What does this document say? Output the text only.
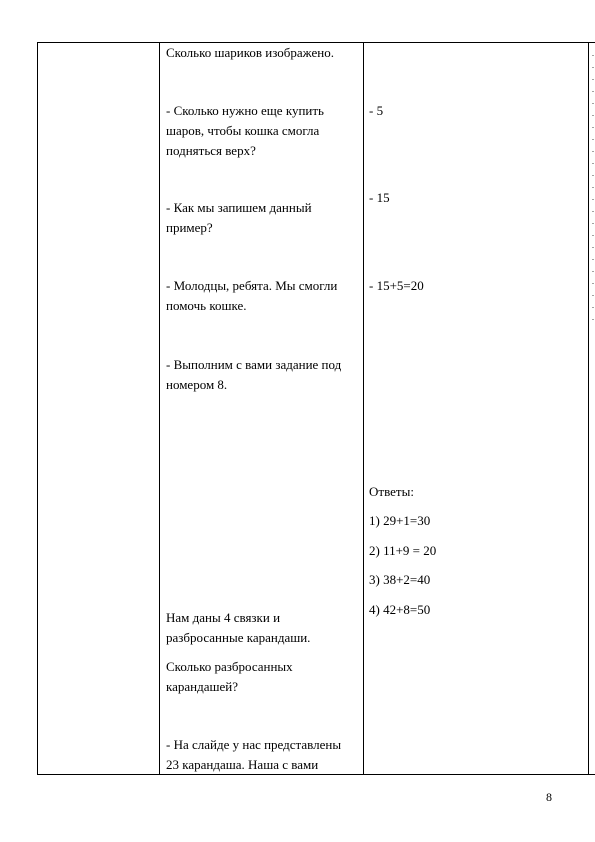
Сколько шариков изображено.
- Сколько нужно еще купить
шаров, чтобы кошка смогла
подняться верх?
- Как мы запишем данный
пример?
- Молодцы, ребята. Мы смогли
помочь кошке.
- Выполним с вами задание под
номером 8.
Нам даны 4 связки и
разбросанные карандаши.
Сколько разбросанных
карандашей?
- На слайде у нас представлены
23 карандаша. Наша с вами
- 5
- 15
- 15+5=20
Ответы:
1) 29+1=30
2) 11+9 = 20
3) 38+2=40
4) 42+8=50
.
.
.
.
.
.
.
.
.
.
.
.
.
.
.
.
.
.
.
.
.
.
.
8
